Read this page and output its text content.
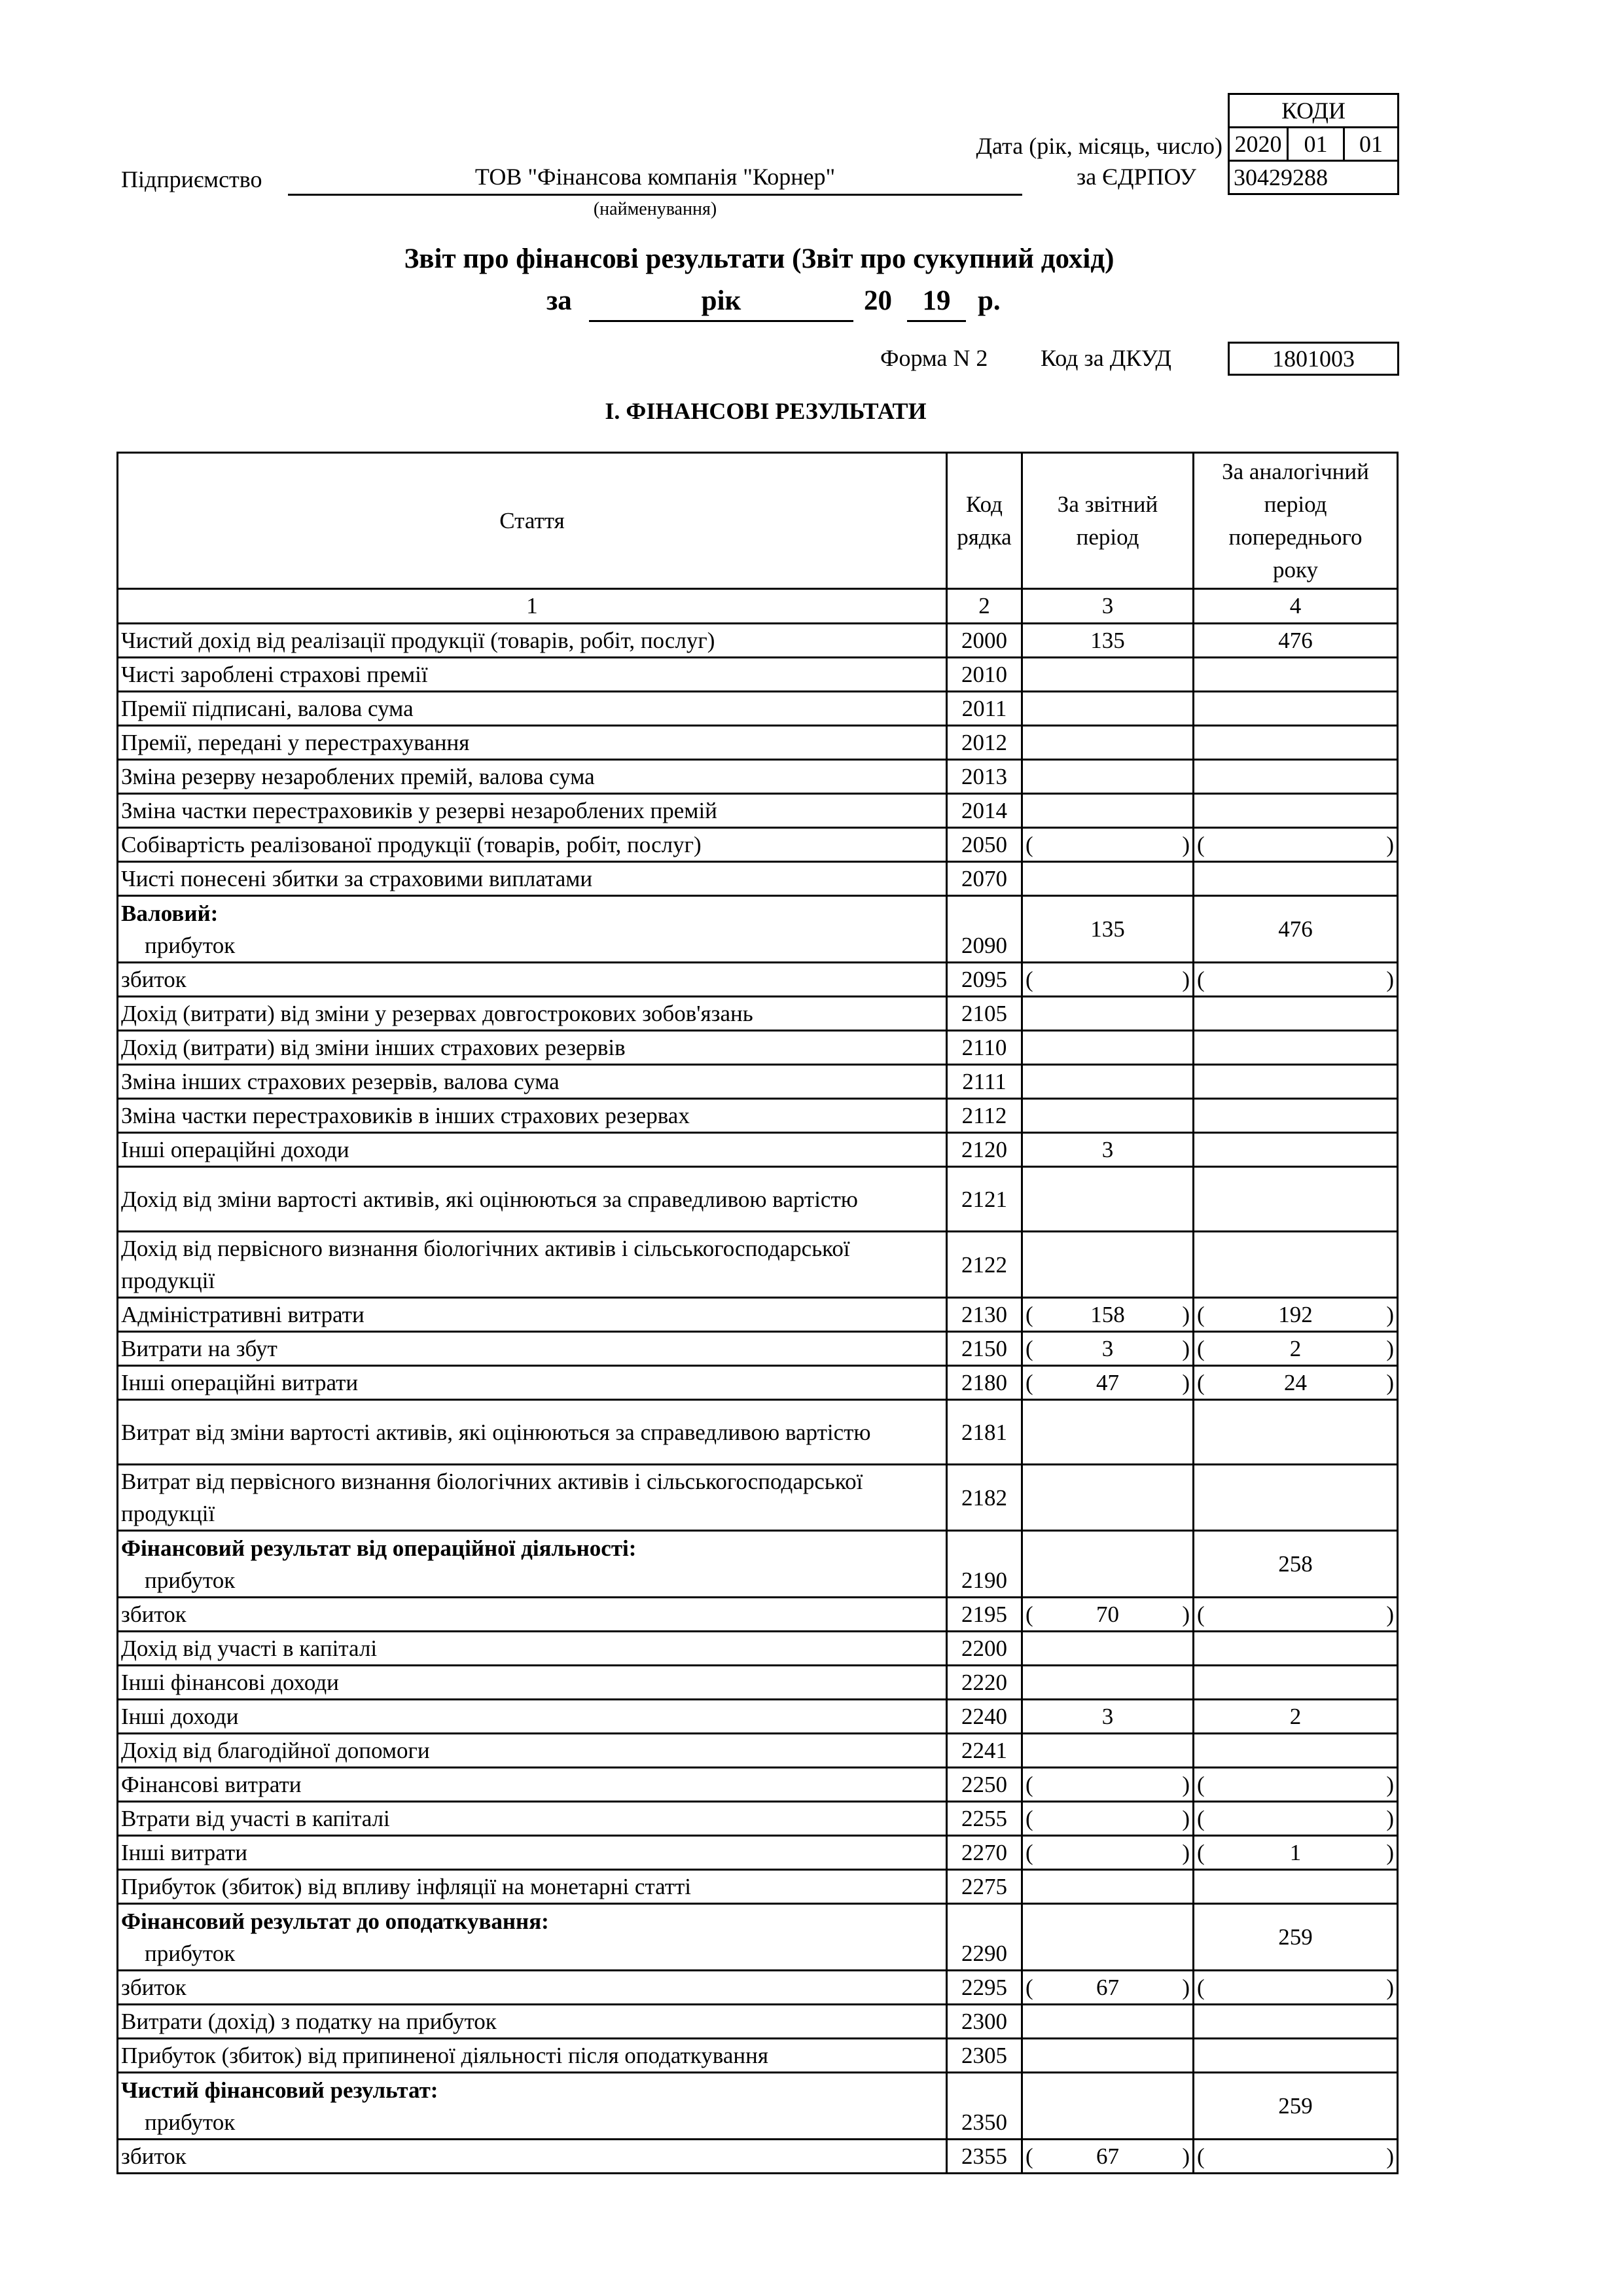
КОДИ
Дата (рік, місяць, число) 2020 01 01
Підприємство	ТОВ "Фінансова компанія "Корнер"
(найменування)
за ЄДРПОУ 30429288
Звіт про фінансові результати (Звіт про сукупний дохід)
за	рік	20	19 р.
Форма N 2 Код за ДКУД	1801003
І. ФІНАНСОВІ РЕЗУЛЬТАТИ
Стаття	Код рядка	За звітний період	За аналогічний період попереднього року
1	2	3	4
Чистий дохід від реалізації продукції (товарів, робіт, послуг)	2000	135	476
Чисті зароблені страхові премії	2010		
Премії підписані, валова сума	2011		
Премії, передані у перестрахування	2012		
Зміна резерву незароблених премій, валова сума	2013		
Зміна частки перестраховиків у резерві незароблених премій	2014		
Собівартість реалізованої продукції (товарів, робіт, послуг)	2050	( )	( )

Чисті понесені збитки за страховими виплатами	2070		

Валовий:
прибуток	2090	135	476
збиток	2095	( )	( )

Дохід (витрати) від зміни у резервах довгострокових зобов'язань	2105		
Дохід (витрати) від зміни інших страхових резервів	2110		
Зміна інших страхових резервів, валова сума	2111		
Зміна частки перестраховиків в інших страхових резервах	2112		
Інші операційні доходи	2120	3	
Дохід від зміни вартості активів, які оцінюються за справедливою вартістю	2121		
Дохід від первісного визнання біологічних активів і сільськогосподарської продукції	2122		
Адміністративні витрати	2130	( 158 )	( 192 )

Витрати на збут	2150	( 3 )	( 2 )

Інші операційні витрати	2180	( 47 )	( 24 )

Витрат від зміни вартості активів, які оцінюються за справедливою вартістю	2181		
Витрат від первісного визнання біологічних активів і сільськогосподарської продукції	2182		

Фінансовий результат від операційної діяльності:
прибуток	2190		258
збиток	2195	( 70 )	( )

Дохід від участі в капіталі	2200		
Інші фінансові доходи	2220		
Інші доходи	2240	3	2
Дохід від благодійної допомоги	2241		
Фінансові витрати	2250	( )	( )

Втрати від участі в капіталі	2255	( )	( )

Інші витрати	2270	( )	( 1 )

Прибуток (збиток) від впливу інфляції на монетарні статті	2275		

Фінансовий результат до оподаткування:
прибуток	2290		259
збиток	2295	( 67 )	( )

Витрати (дохід) з податку на прибуток	2300		
Прибуток (збиток) від припиненої діяльності після оподаткування	2305		

Чистий фінансовий результат:
прибуток	2350		259
збиток	2355	( 67 )	( )
